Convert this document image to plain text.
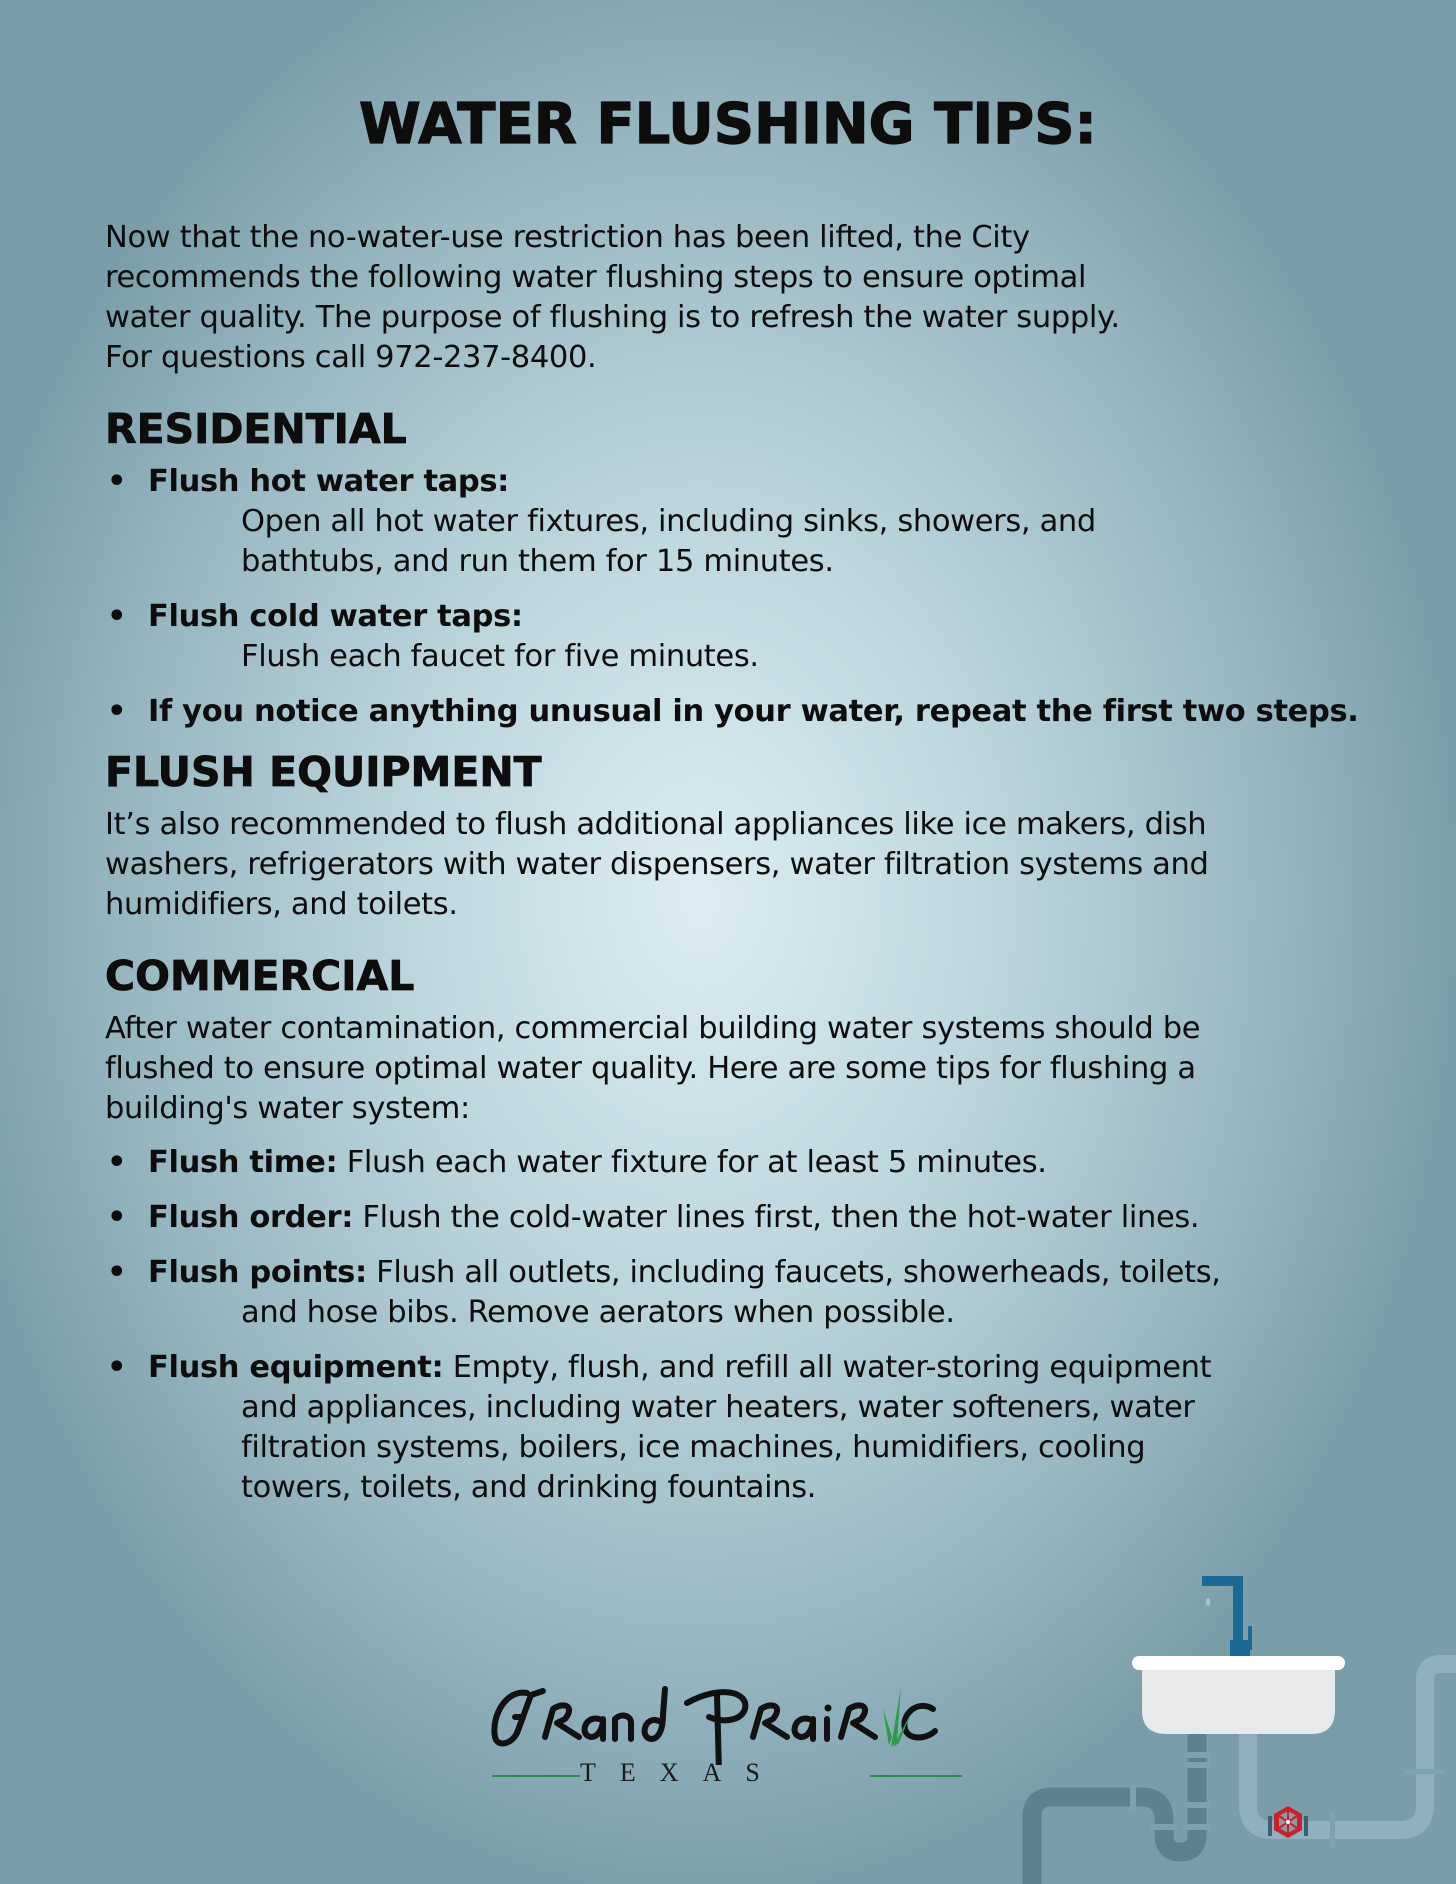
WATER FLUSHING TIPS:

Now that the no-water-use restriction has been lifted, the City
recommends the following water flushing steps to ensure optimal
water quality. The purpose of flushing is to refresh the water supply.
For questions call 972-237-8400.

RESIDENTIAL
• Flush hot water taps:
Open all hot water fixtures, including sinks, showers, and
bathtubs, and run them for 15 minutes.
• Flush cold water taps:
Flush each faucet for five minutes.
• If you notice anything unusual in your water, repeat the first two steps.
FLUSH EQUIPMENT

It’s also recommended to flush additional appliances like ice makers, dish
washers, refrigerators with water dispensers, water filtration systems and
humidifiers, and toilets.

COMMERCIAL

After water contamination, commercial building water systems should be
flushed to ensure optimal water quality. Here are some tips for flushing a
building's water system:

• Flush time: Flush each water fixture for at least 5 minutes.
• Flush order: Flush the cold-water lines first, then the hot-water lines.
• Flush points: Flush all outlets, including faucets, showerheads, toilets,
and hose bibs. Remove aerators when possible.
• Flush equipment: Empty, flush, and refill all water-storing equipment
and appliances, including water heaters, water softeners, water
filtration systems, boilers, ice machines, humidifiers, cooling
towers, toilets, and drinking fountains.
TEXAS
